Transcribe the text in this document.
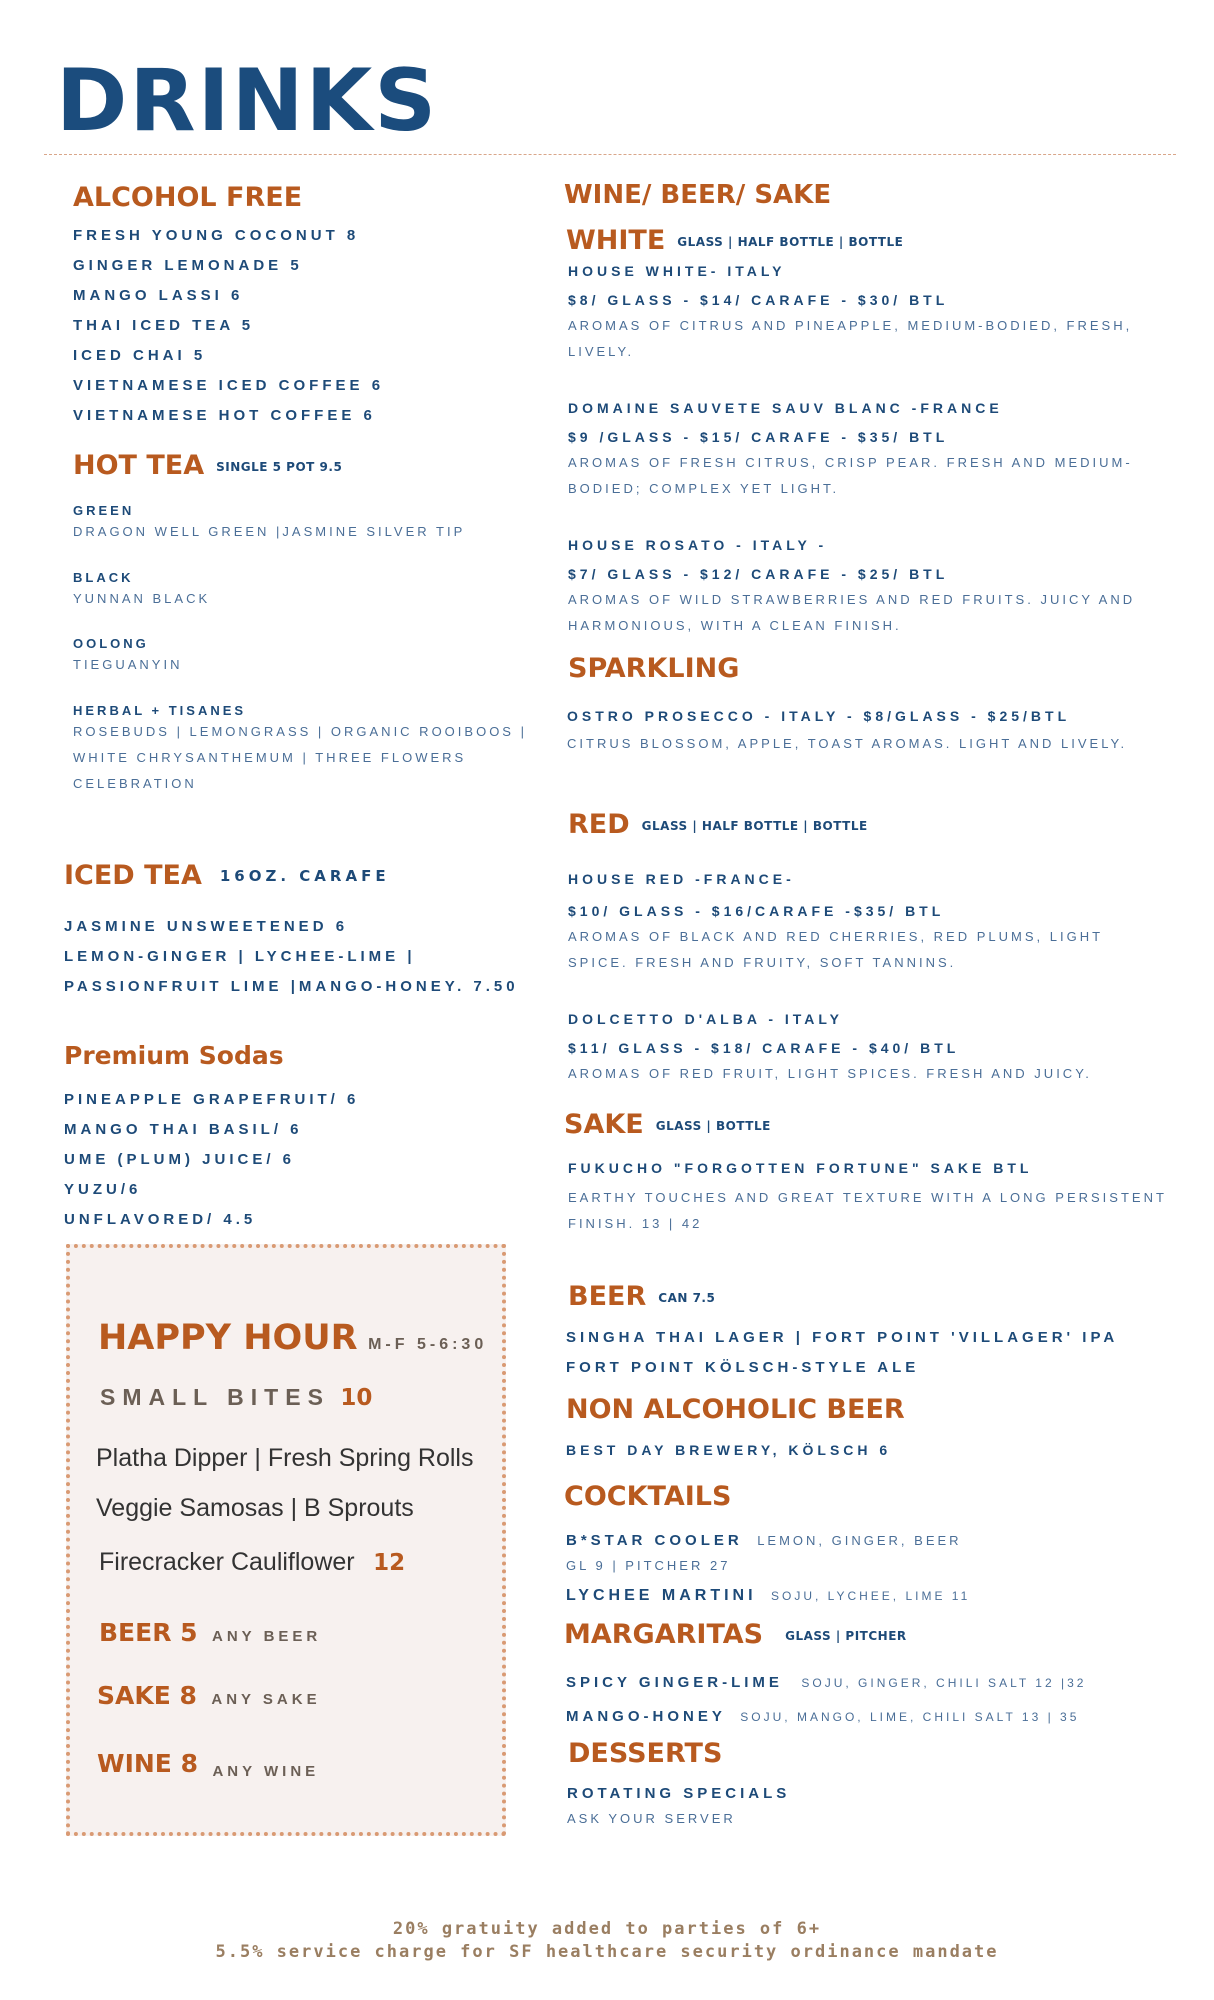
DRINKS
ALCOHOL FREE
FRESH YOUNG COCONUT 8
GINGER LEMONADE 5
MANGO LASSI 6
THAI ICED TEA 5
ICED CHAI 5
VIETNAMESE ICED COFFEE 6
VIETNAMESE HOT COFFEE 6
HOT TEA SINGLE 5 POT 9.5
GREEN
DRAGON WELL GREEN |JASMINE SILVER TIP
BLACK
YUNNAN BLACK
OOLONG
TIEGUANYIN
HERBAL + TISANES
ROSEBUDS | LEMONGRASS | ORGANIC ROOIBOOS | WHITE CHRYSANTHEMUM | THREE FLOWERS CELEBRATION
ICED TEA 16OZ. CARAFE
JASMINE UNSWEETENED 6
LEMON-GINGER | LYCHEE-LIME |
PASSIONFRUIT LIME |MANGO-HONEY. 7.50
Premium Sodas
PINEAPPLE GRAPEFRUIT/ 6
MANGO THAI BASIL/ 6
UME (PLUM) JUICE/ 6
YUZU/6
UNFLAVORED/ 4.5
HAPPY HOUR M-F 5-6:30
SMALL BITES 10
Platha Dipper | Fresh Spring Rolls
Veggie Samosas | B Sprouts
Firecracker Cauliflower 12
BEER 5 ANY BEER
SAKE 8 ANY SAKE
WINE 8 ANY WINE
WINE/ BEER/ SAKE
WHITE GLASS | HALF BOTTLE | BOTTLE
HOUSE WHITE- ITALY
$8/ GLASS - $14/ CARAFE - $30/ BTL
AROMAS OF CITRUS AND PINEAPPLE, MEDIUM-BODIED, FRESH, LIVELY.
DOMAINE SAUVETE SAUV BLANC -FRANCE
$9 /GLASS - $15/ CARAFE - $35/ BTL
AROMAS OF FRESH CITRUS, CRISP PEAR. FRESH AND MEDIUM-BODIED; COMPLEX YET LIGHT.
HOUSE ROSATO - ITALY -
$7/ GLASS - $12/ CARAFE - $25/ BTL
AROMAS OF WILD STRAWBERRIES AND RED FRUITS. JUICY AND HARMONIOUS, WITH A CLEAN FINISH.
SPARKLING
OSTRO PROSECCO - ITALY - $8/GLASS - $25/BTL
CITRUS BLOSSOM, APPLE, TOAST AROMAS. LIGHT AND LIVELY.
RED GLASS | HALF BOTTLE | BOTTLE
HOUSE RED -FRANCE-
$10/ GLASS - $16/CARAFE -$35/ BTL
AROMAS OF BLACK AND RED CHERRIES, RED PLUMS, LIGHT SPICE. FRESH AND FRUITY, SOFT TANNINS.
DOLCETTO D'ALBA - ITALY
$11/ GLASS - $18/ CARAFE - $40/ BTL
AROMAS OF RED FRUIT, LIGHT SPICES. FRESH AND JUICY.
SAKE GLASS | BOTTLE
FUKUCHO "FORGOTTEN FORTUNE" SAKE BTL
EARTHY TOUCHES AND GREAT TEXTURE WITH A LONG PERSISTENT FINISH. 13 | 42
BEER CAN 7.5
SINGHA THAI LAGER | FORT POINT 'VILLAGER' IPA
FORT POINT KÖLSCH-STYLE ALE
NON ALCOHOLIC BEER
BEST DAY BREWERY, KÖLSCH 6
COCKTAILS
B*STAR COOLER LEMON, GINGER, BEER
GL 9 | PITCHER 27
LYCHEE MARTINI SOJU, LYCHEE, LIME 11
MARGARITAS GLASS | PITCHER
SPICY GINGER-LIME SOJU, GINGER, CHILI SALT 12 |32
MANGO-HONEY SOJU, MANGO, LIME, CHILI SALT 13 | 35
DESSERTS
ROTATING SPECIALS
ASK YOUR SERVER
20% gratuity added to parties of 6+
5.5% service charge for SF healthcare security ordinance mandate
